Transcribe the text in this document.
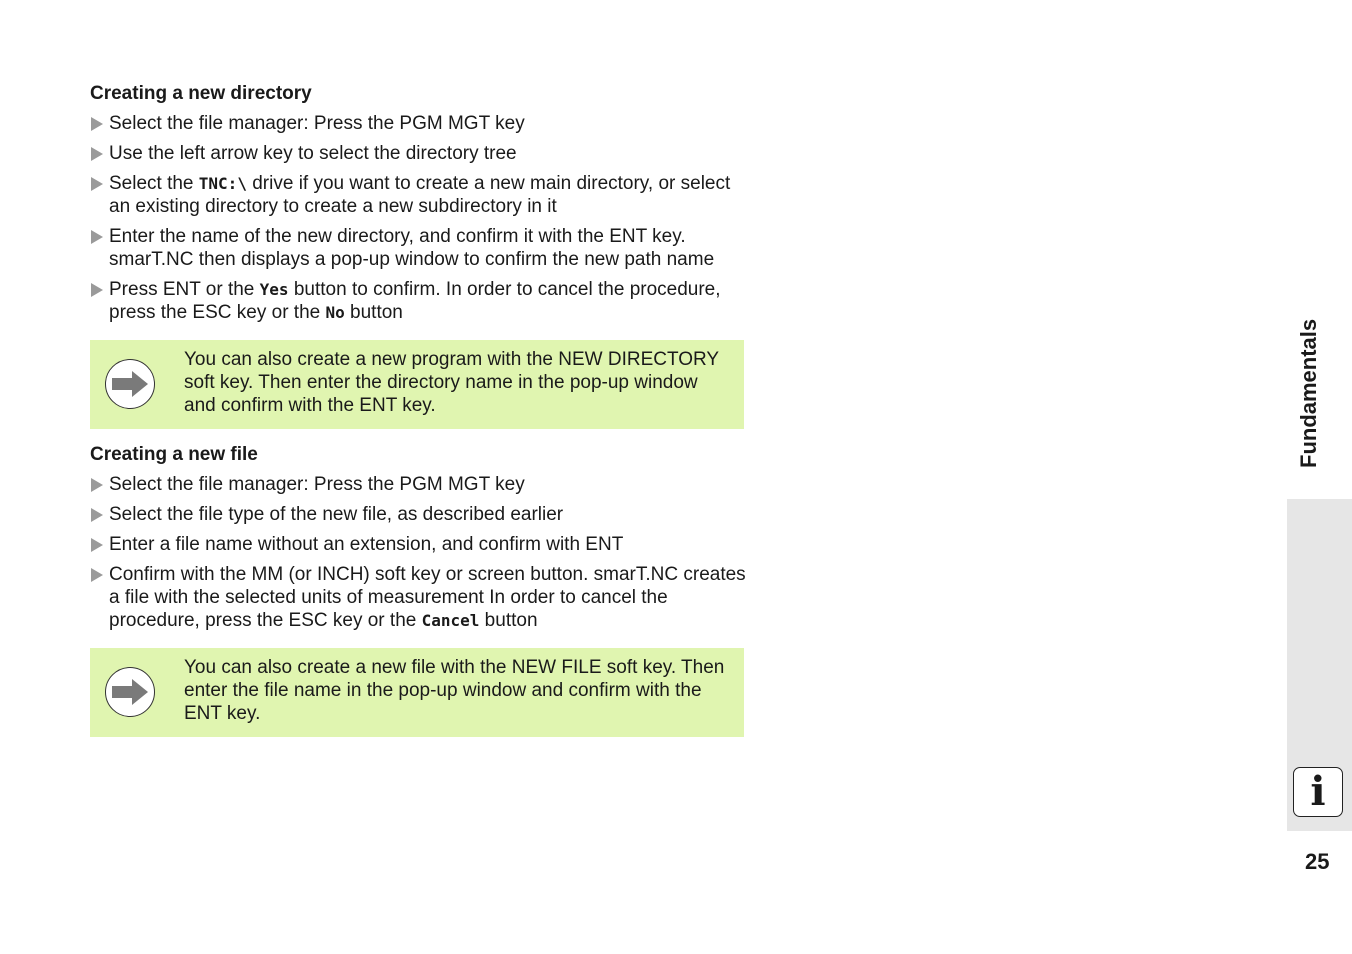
Creating a new directory
Select the file manager: Press the PGM MGT key
Use the left arrow key to select the directory tree
Select the TNC:\ drive if you want to create a new main directory, or select an existing directory to create a new subdirectory in it
Enter the name of the new directory, and confirm it with the ENT key. smarT.NC then displays a pop-up window to confirm the new path name
Press ENT or the Yes button to confirm. In order to cancel the procedure, press the ESC key or the No button
You can also create a new program with the NEW DIRECTORY soft key. Then enter the directory name in the pop-up window and confirm with the ENT key.
Creating a new file
Select the file manager: Press the PGM MGT key
Select the file type of the new file, as described earlier
Enter a file name without an extension, and confirm with ENT
Confirm with the MM (or INCH) soft key or screen button. smarT.NC creates a file with the selected units of measurement In order to cancel the procedure, press the ESC key or the Cancel button
You can also create a new file with the NEW FILE soft key. Then enter the file name in the pop-up window and confirm with the ENT key.
Fundamentals
i
25
